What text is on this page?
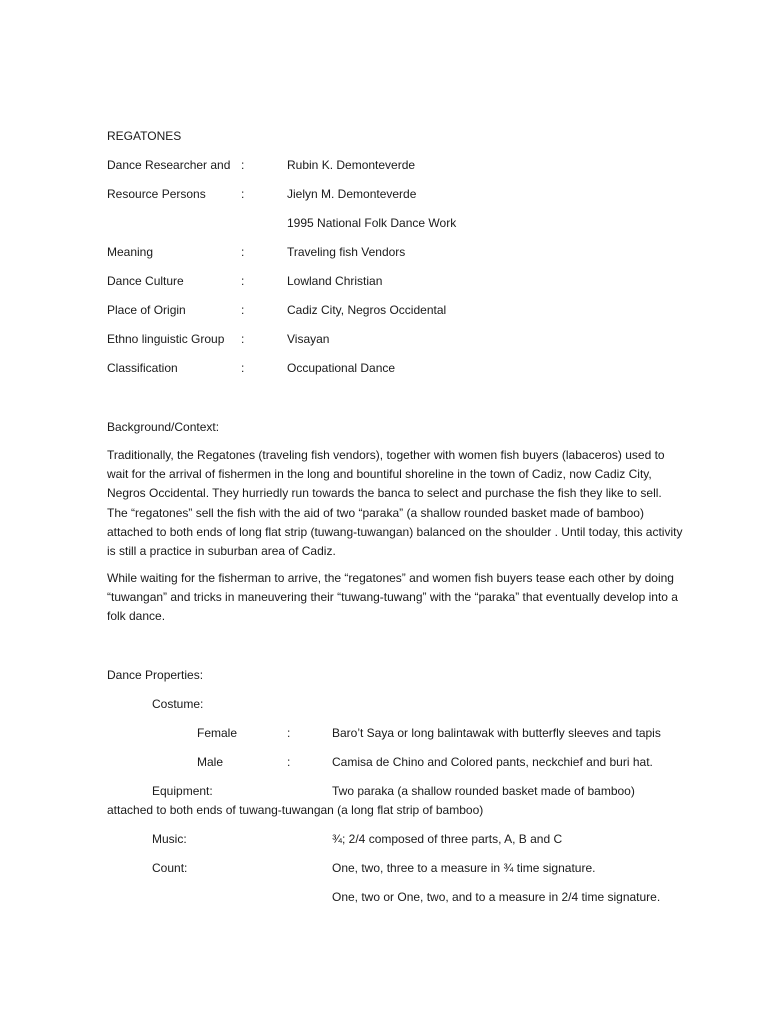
REGATONES
Dance Researcher and :	Rubin K. Demonteverde
Resource Persons	:	Jielyn M. Demonteverde
1995 National Folk Dance Work
Meaning	:	Traveling fish Vendors
Dance Culture	:	Lowland Christian
Place of Origin	:	Cadiz City, Negros Occidental
Ethno linguistic Group :	Visayan
Classification	:	Occupational Dance
Background/Context:
Traditionally, the Regatones (traveling fish vendors), together with women fish buyers (labaceros) used to wait for the arrival of fishermen in the long and bountiful shoreline in the town of Cadiz, now Cadiz City, Negros Occidental. They hurriedly run towards the banca to select and purchase the fish they like to sell. The “regatones” sell the fish with the aid of two “paraka” (a shallow rounded basket made of bamboo) attached to both ends of long flat strip (tuwang-tuwangan) balanced on the shoulder . Until today, this activity is still a practice in suburban area of Cadiz.
While waiting for the fisherman to arrive, the “regatones” and women fish buyers tease each other by doing “tuwangan” and tricks in maneuvering their “tuwang-tuwang” with the “paraka” that eventually develop into a folk dance.
Dance Properties:
Costume:
Female	:	Baro’t Saya or long balintawak with butterfly sleeves and tapis
Male	:	Camisa de Chino and Colored pants, neckchief and buri hat.
Equipment:	Two paraka (a shallow rounded basket made of bamboo)
attached to both ends of tuwang-tuwangan (a long flat strip of bamboo)
Music:	¾; 2/4 composed of three parts, A, B and C
Count:	One, two, three to a measure in ¾ time signature.
One, two or One, two, and to a measure in 2/4 time signature.
